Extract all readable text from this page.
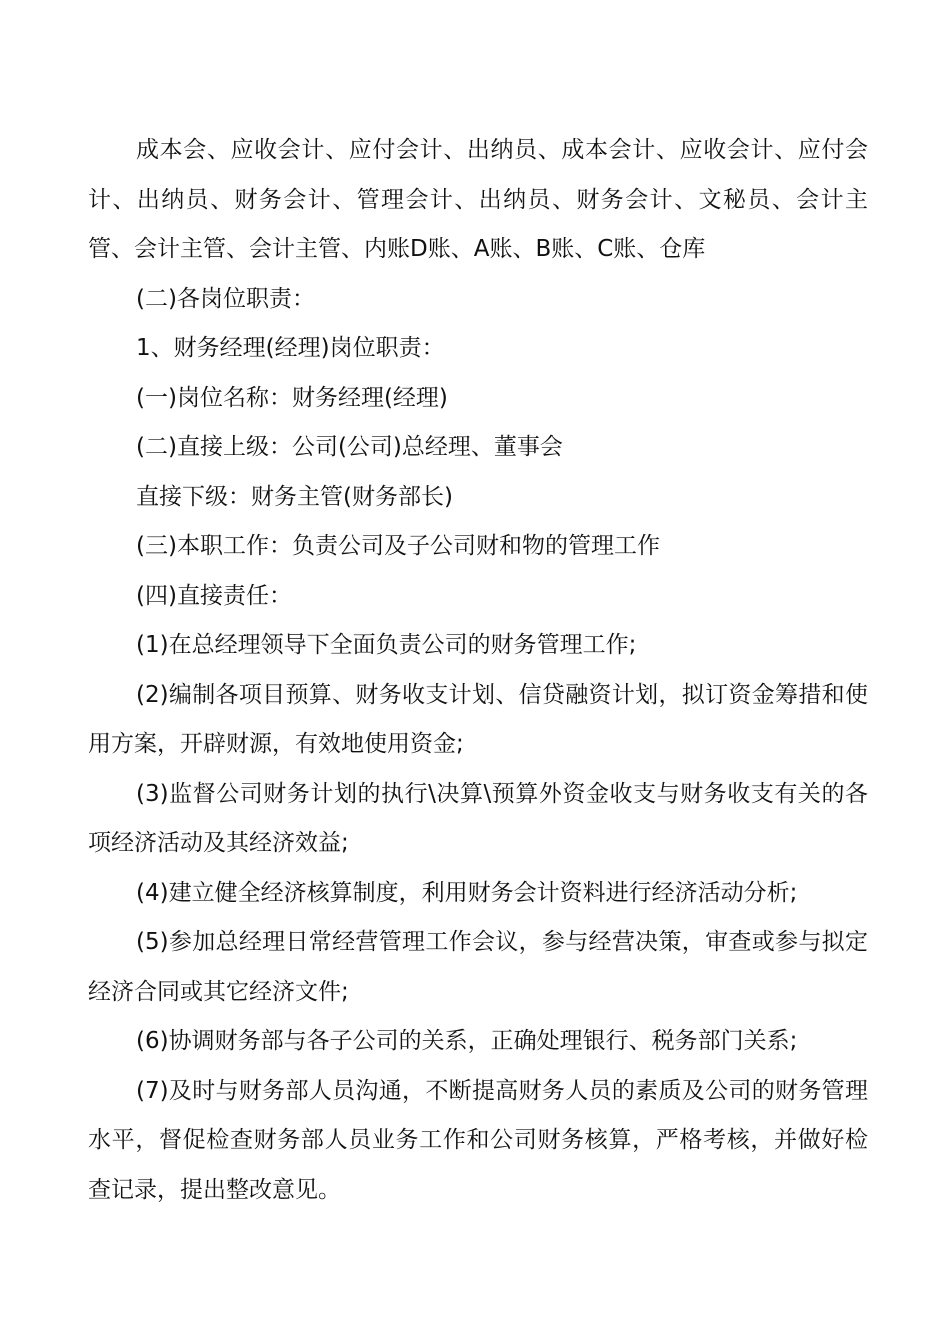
成本会、应收会计、应付会计、出纳员、成本会计、应收会计、应付会计、出纳员、财务会计、管理会计、出纳员、财务会计、文秘员、会计主管、会计主管、会计主管、内账D账、A账、B账、C账、仓库

(二)各岗位职责：

1、财务经理(经理)岗位职责：

(一)岗位名称：财务经理(经理)

(二)直接上级：公司(公司)总经理、董事会

直接下级：财务主管(财务部长)

(三)本职工作：负责公司及子公司财和物的管理工作

(四)直接责任：

(1)在总经理领导下全面负责公司的财务管理工作;

(2)编制各项目预算、财务收支计划、信贷融资计划，拟订资金筹措和使用方案，开辟财源，有效地使用资金;

(3)监督公司财务计划的执行\决算\预算外资金收支与财务收支有关的各项经济活动及其经济效益;

(4)建立健全经济核算制度，利用财务会计资料进行经济活动分析;

(5)参加总经理日常经营管理工作会议，参与经营决策，审查或参与拟定经济合同或其它经济文件;

(6)协调财务部与各子公司的关系，正确处理银行、税务部门关系;

(7)及时与财务部人员沟通，不断提高财务人员的素质及公司的财务管理水平，督促检查财务部人员业务工作和公司财务核算，严格考核，并做好检查记录，提出整改意见。
